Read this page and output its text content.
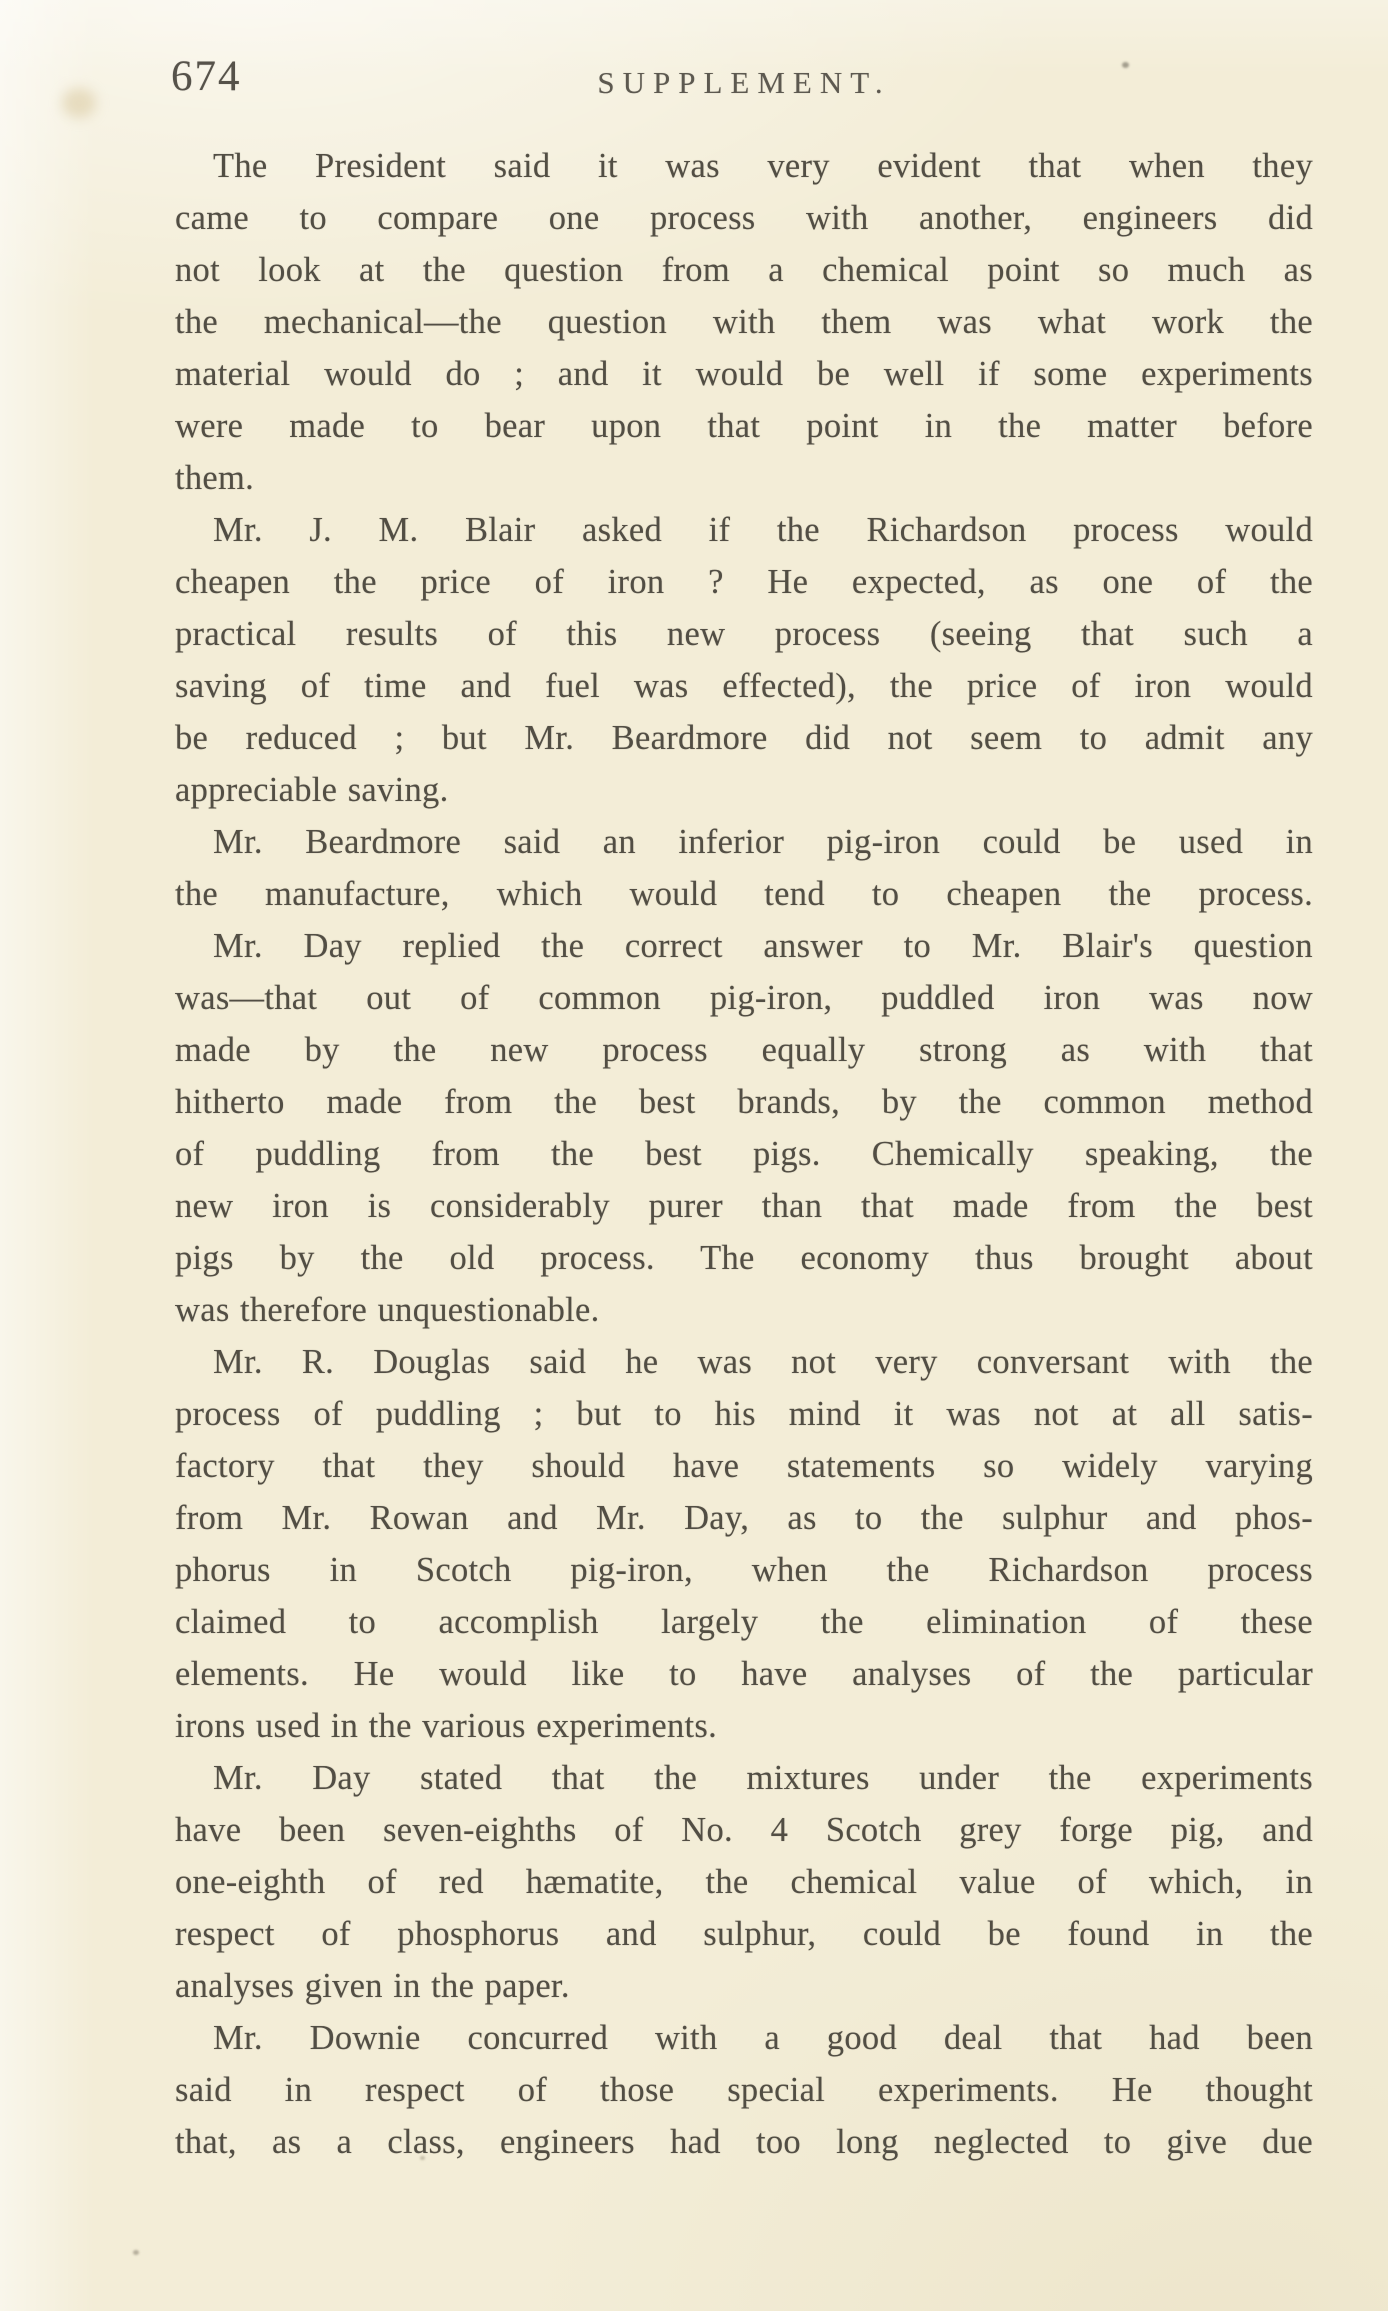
674	SUPPLEMENT.
The President said it was very evident that when they
came to compare one process with another, engineers did
not look at the question from a chemical point so much as
the mechanical—the question with them was what work the
material would do ; and it would be well if some experiments
were made to bear upon that point in the matter before
them.
Mr. J. M. Blair asked if the Richardson process would
cheapen the price of iron ? He expected, as one of the
practical results of this new process (seeing that such a
saving of time and fuel was effected), the price of iron would
be reduced ; but Mr. Beardmore did not seem to admit any
appreciable saving.
Mr. Beardmore said an inferior pig-iron could be used in
the manufacture, which would tend to cheapen the process.
Mr. Day replied the correct answer to Mr. Blair's question
was—that out of common pig-iron, puddled iron was now
made by the new process equally strong as with that
hitherto made from the best brands, by the common method
of puddling from the best pigs. Chemically speaking, the
new iron is considerably purer than that made from the best
pigs by the old process. The economy thus brought about
was therefore unquestionable.
Mr. R. Douglas said he was not very conversant with the
process of puddling ; but to his mind it was not at all satis-
factory that they should have statements so widely varying
from Mr. Rowan and Mr. Day, as to the sulphur and phos-
phorus in Scotch pig-iron, when the Richardson process
claimed to accomplish largely the elimination of these
elements. He would like to have analyses of the particular
irons used in the various experiments.
Mr. Day stated that the mixtures under the experiments
have been seven-eighths of No. 4 Scotch grey forge pig, and
one-eighth of red hæmatite, the chemical value of which, in
respect of phosphorus and sulphur, could be found in the
analyses given in the paper.
Mr. Downie concurred with a good deal that had been
said in respect of those special experiments. He thought
that, as a class, engineers had too long neglected to give due
